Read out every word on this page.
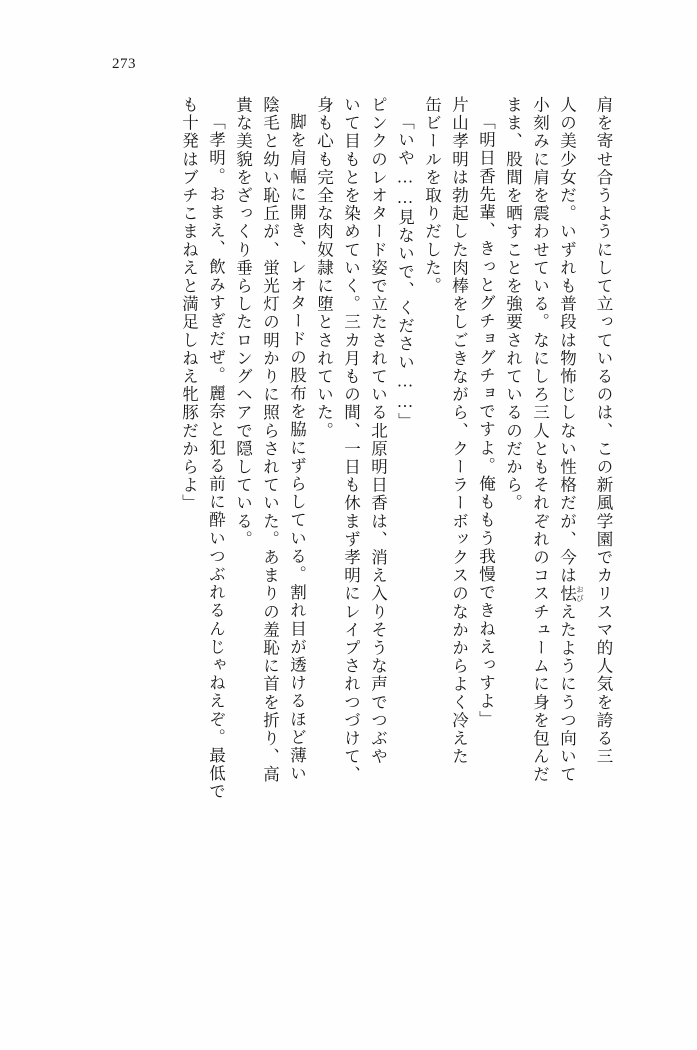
273
肩を寄せ合うようにして立っているのは、この新風学園でカリスマ的人気を誇る三
人の美少女だ。いずれも普段は物怖じしない性格だが、今は怯 おびえたようにうつ向いて
小刻みに肩を震わせている。なにしろ三人ともそれぞれのコスチュームに身を包んだ
まま、股間を晒すことを強要されているのだから。
「明日香先輩、きっとグチョグチョですよ。俺ももう我慢できねえっすよ」
片山孝明は勃起した肉棒をしごきながら、クーラーボックスのなかからよく冷えた
缶ビールを取りだした。
「いや……見ないで、ください……」
ピンクのレオタード姿で立たされている北原明日香は、消え入りそうな声でつぶや
いて目もとを染めていく。三カ月もの間、一日も休まず孝明にレイプされつづけて、
身も心も完全な肉奴隷に堕とされていた。
脚を肩幅に開き、レオタードの股布を脇にずらしている。割れ目が透けるほど薄い
陰毛と幼い恥丘が、蛍光灯の明かりに照らされていた。あまりの羞恥に首を折り、高
貴な美貌をざっくり垂らしたロングヘアで隠している。
「孝明。おまえ、飲みすぎだぜ。麗奈と犯る前に酔いつぶれるんじゃねえぞ。最低で
も十発はブチこまねえと満足しねえ牝豚だからよ」
